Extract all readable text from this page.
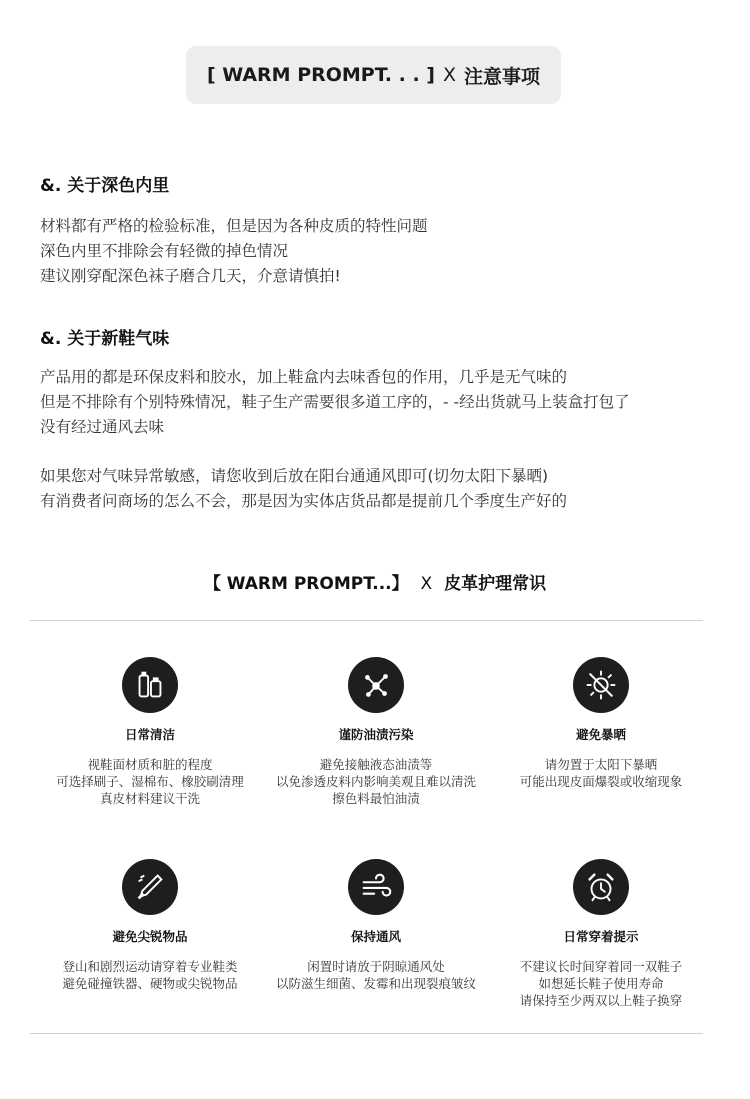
[ WARM PROMPT. . . ] X 注意事项
&. 关于深色内里
材料都有严格的检验标准，但是因为各种皮质的特性问题
深色内里不排除会有轻微的掉色情况
建议刚穿配深色袜子磨合几天，介意请慎拍!
&. 关于新鞋气味
产品用的都是环保皮料和胶水，加上鞋盒内去味香包的作用，几乎是无气味的
但是不排除有个别特殊情况，鞋子生产需要很多道工序的，- -经出货就马上装盒打包了
没有经过通风去味
如果您对气味异常敏感，请您收到后放在阳台通通风即可(切勿太阳下暴晒)
有消费者问商场的怎么不会，那是因为实体店货品都是提前几个季度生产好的
【 WARM PROMPT...】 X 皮革护理常识
日常清洁
视鞋面材质和脏的程度
可选择刷子、湿棉布、橡胶刷清理
真皮材料建议干洗
谨防油渍污染
避免接触液态油渍等
以免渗透皮料内影响美观且难以清洗
擦色料最怕油渍
避免暴晒
请勿置于太阳下暴晒
可能出现皮面爆裂或收缩现象
避免尖锐物品
登山和剧烈运动请穿着专业鞋类
避免碰撞铁器、硬物或尖锐物品
保持通风
闲置时请放于阴晾通风处
以防滋生细菌、发霉和出现裂痕皱纹
日常穿着提示
不建议长时间穿着同一双鞋子
如想延长鞋子使用寿命
请保持至少两双以上鞋子换穿
